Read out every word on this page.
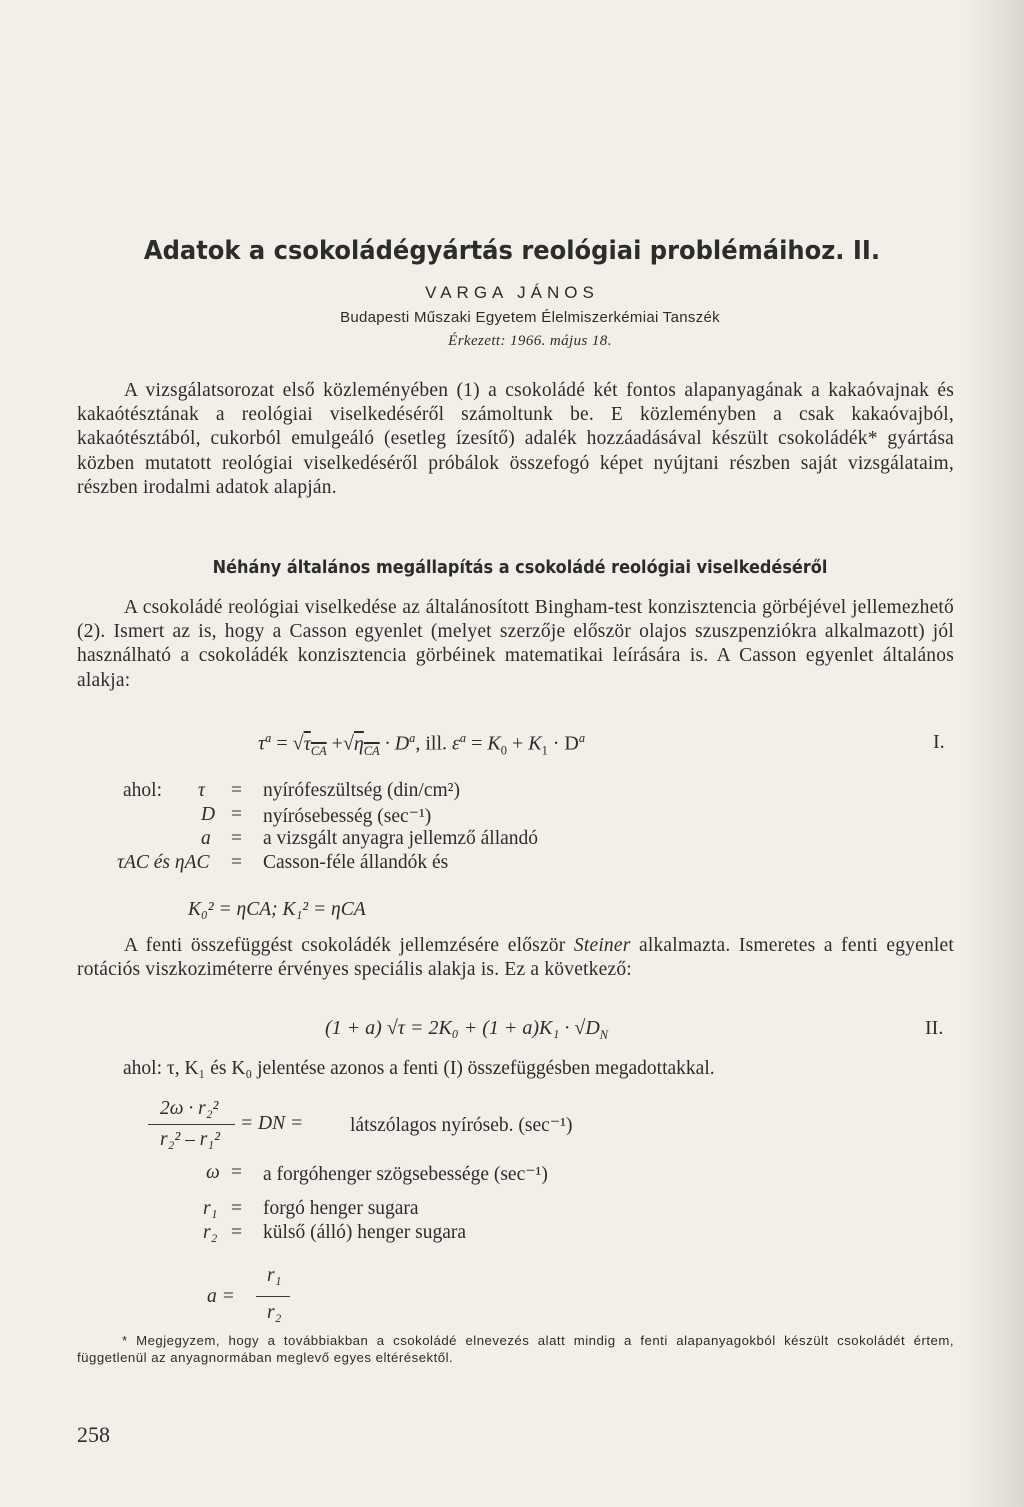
Adatok a csokoládégyártás reológiai problémáihoz. II.
VARGA JÁNOS
Budapesti Műszaki Egyetem Élelmiszerkémiai Tanszék
Érkezett: 1966. május 18.
A vizsgálatsorozat első közleményében (1) a csokoládé két fontos alapanyagának a kakaóvajnak és kakaótésztának a reológiai viselkedéséről számoltunk be. E közleményben a csak kakaóvajból, kakaótésztából, cukorból emulgeáló (esetleg ízesítő) adalék hozzáadásával készült csokoládék* gyártása közben mutatott reológiai viselkedéséről próbálok összefogó képet nyújtani részben saját vizsgálataim, részben irodalmi adatok alapján.
Néhány általános megállapítás a csokoládé reológiai viselkedéséről
A csokoládé reológiai viselkedése az általánosított Bingham-test konzisztencia görbéjével jellemezhető (2). Ismert az is, hogy a Casson egyenlet (melyet szerzője először olajos szuszpenziókra alkalmazott) jól használható a csokoládék konzisztencia görbéinek matematikai leírására is. A Casson egyenlet általános alakja:
$\tau^a = √\tau_{CA} +√\eta_{CA} \cdot D^a$, ill. $\varepsilon^a = K_0 + K_1 \cdot D^a$	I.
ahol: τ = nyírófeszültség (din/cm²)
D = nyírósebesség (sec⁻¹)
a = a vizsgált anyagra jellemző állandó
τAC és ηAC = Casson-féle állandók és
K₀² = ηCA; K₁² = ηCA
A fenti összefüggést csokoládék jellemzésére először Steiner alkalmazta. Ismeretes a fenti egyenlet rotációs viszkoziméterre érvényes speciális alakja is. Ez a következő:
(1 + a) $√\tau = 2K_0 + (1 + a)K_1 \cdot √D_N$	II.
ahol: τ, K₁ és K₀ jelentése azonos a fenti (I) összefüggésben megadottakkal.
2ω · r₂²
r₂² – r₁²
= DN = látszólagos nyíróseb. (sec⁻¹)
ω = a forgóhenger szögsebessége (sec⁻¹)
r₁ = forgó henger sugara
r₂ = külső (álló) henger sugara
a =
r₁
r₂
* Megjegyzem, hogy a továbbiakban a csokoládé elnevezés alatt mindig a fenti alapanyagokból készült csokoládét értem, függetlenül az anyagnormában meglevő egyes eltérésektől.
258
